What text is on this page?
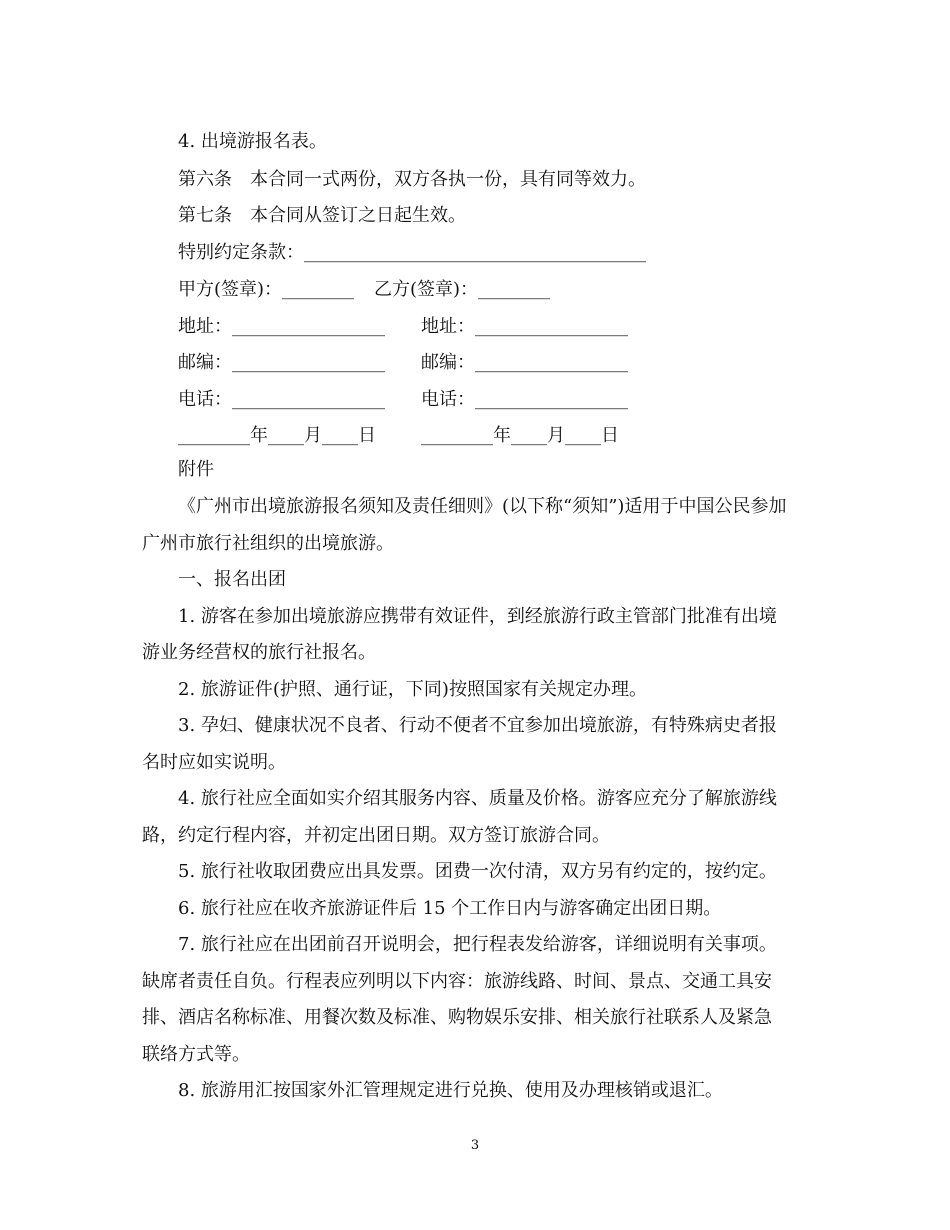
4. 出境游报名表。
第六条　本合同一式两份，双方各执一份，具有同等效力。
第七条　本合同从签订之日起生效。
特别约定条款：______________________________________
甲方(签章)：________ 乙方(签章)：________
地址：_________________ 地址：_________________
邮编：_________________ 邮编：_________________
电话：_________________ 电话：_________________
________年____月____日	________年____月____日
附件
《广州市出境旅游报名须知及责任细则》(以下称“须知”)适用于中国公民参加
广州市旅行社组织的出境旅游。
一、报名出团
1. 游客在参加出境旅游应携带有效证件，到经旅游行政主管部门批准有出境
游业务经营权的旅行社报名。
2. 旅游证件(护照、通行证，下同)按照国家有关规定办理。
3. 孕妇、健康状况不良者、行动不便者不宜参加出境旅游，有特殊病史者报
名时应如实说明。
4. 旅行社应全面如实介绍其服务内容、质量及价格。游客应充分了解旅游线
路，约定行程内容，并初定出团日期。双方签订旅游合同。
5. 旅行社收取团费应出具发票。团费一次付清，双方另有约定的，按约定。
6. 旅行社应在收齐旅游证件后 15 个工作日内与游客确定出团日期。
7. 旅行社应在出团前召开说明会，把行程表发给游客，详细说明有关事项。
缺席者责任自负。行程表应列明以下内容：旅游线路、时间、景点、交通工具安
排、酒店名称标准、用餐次数及标准、购物娱乐安排、相关旅行社联系人及紧急
联络方式等。
8. 旅游用汇按国家外汇管理规定进行兑换、使用及办理核销或退汇。
3
